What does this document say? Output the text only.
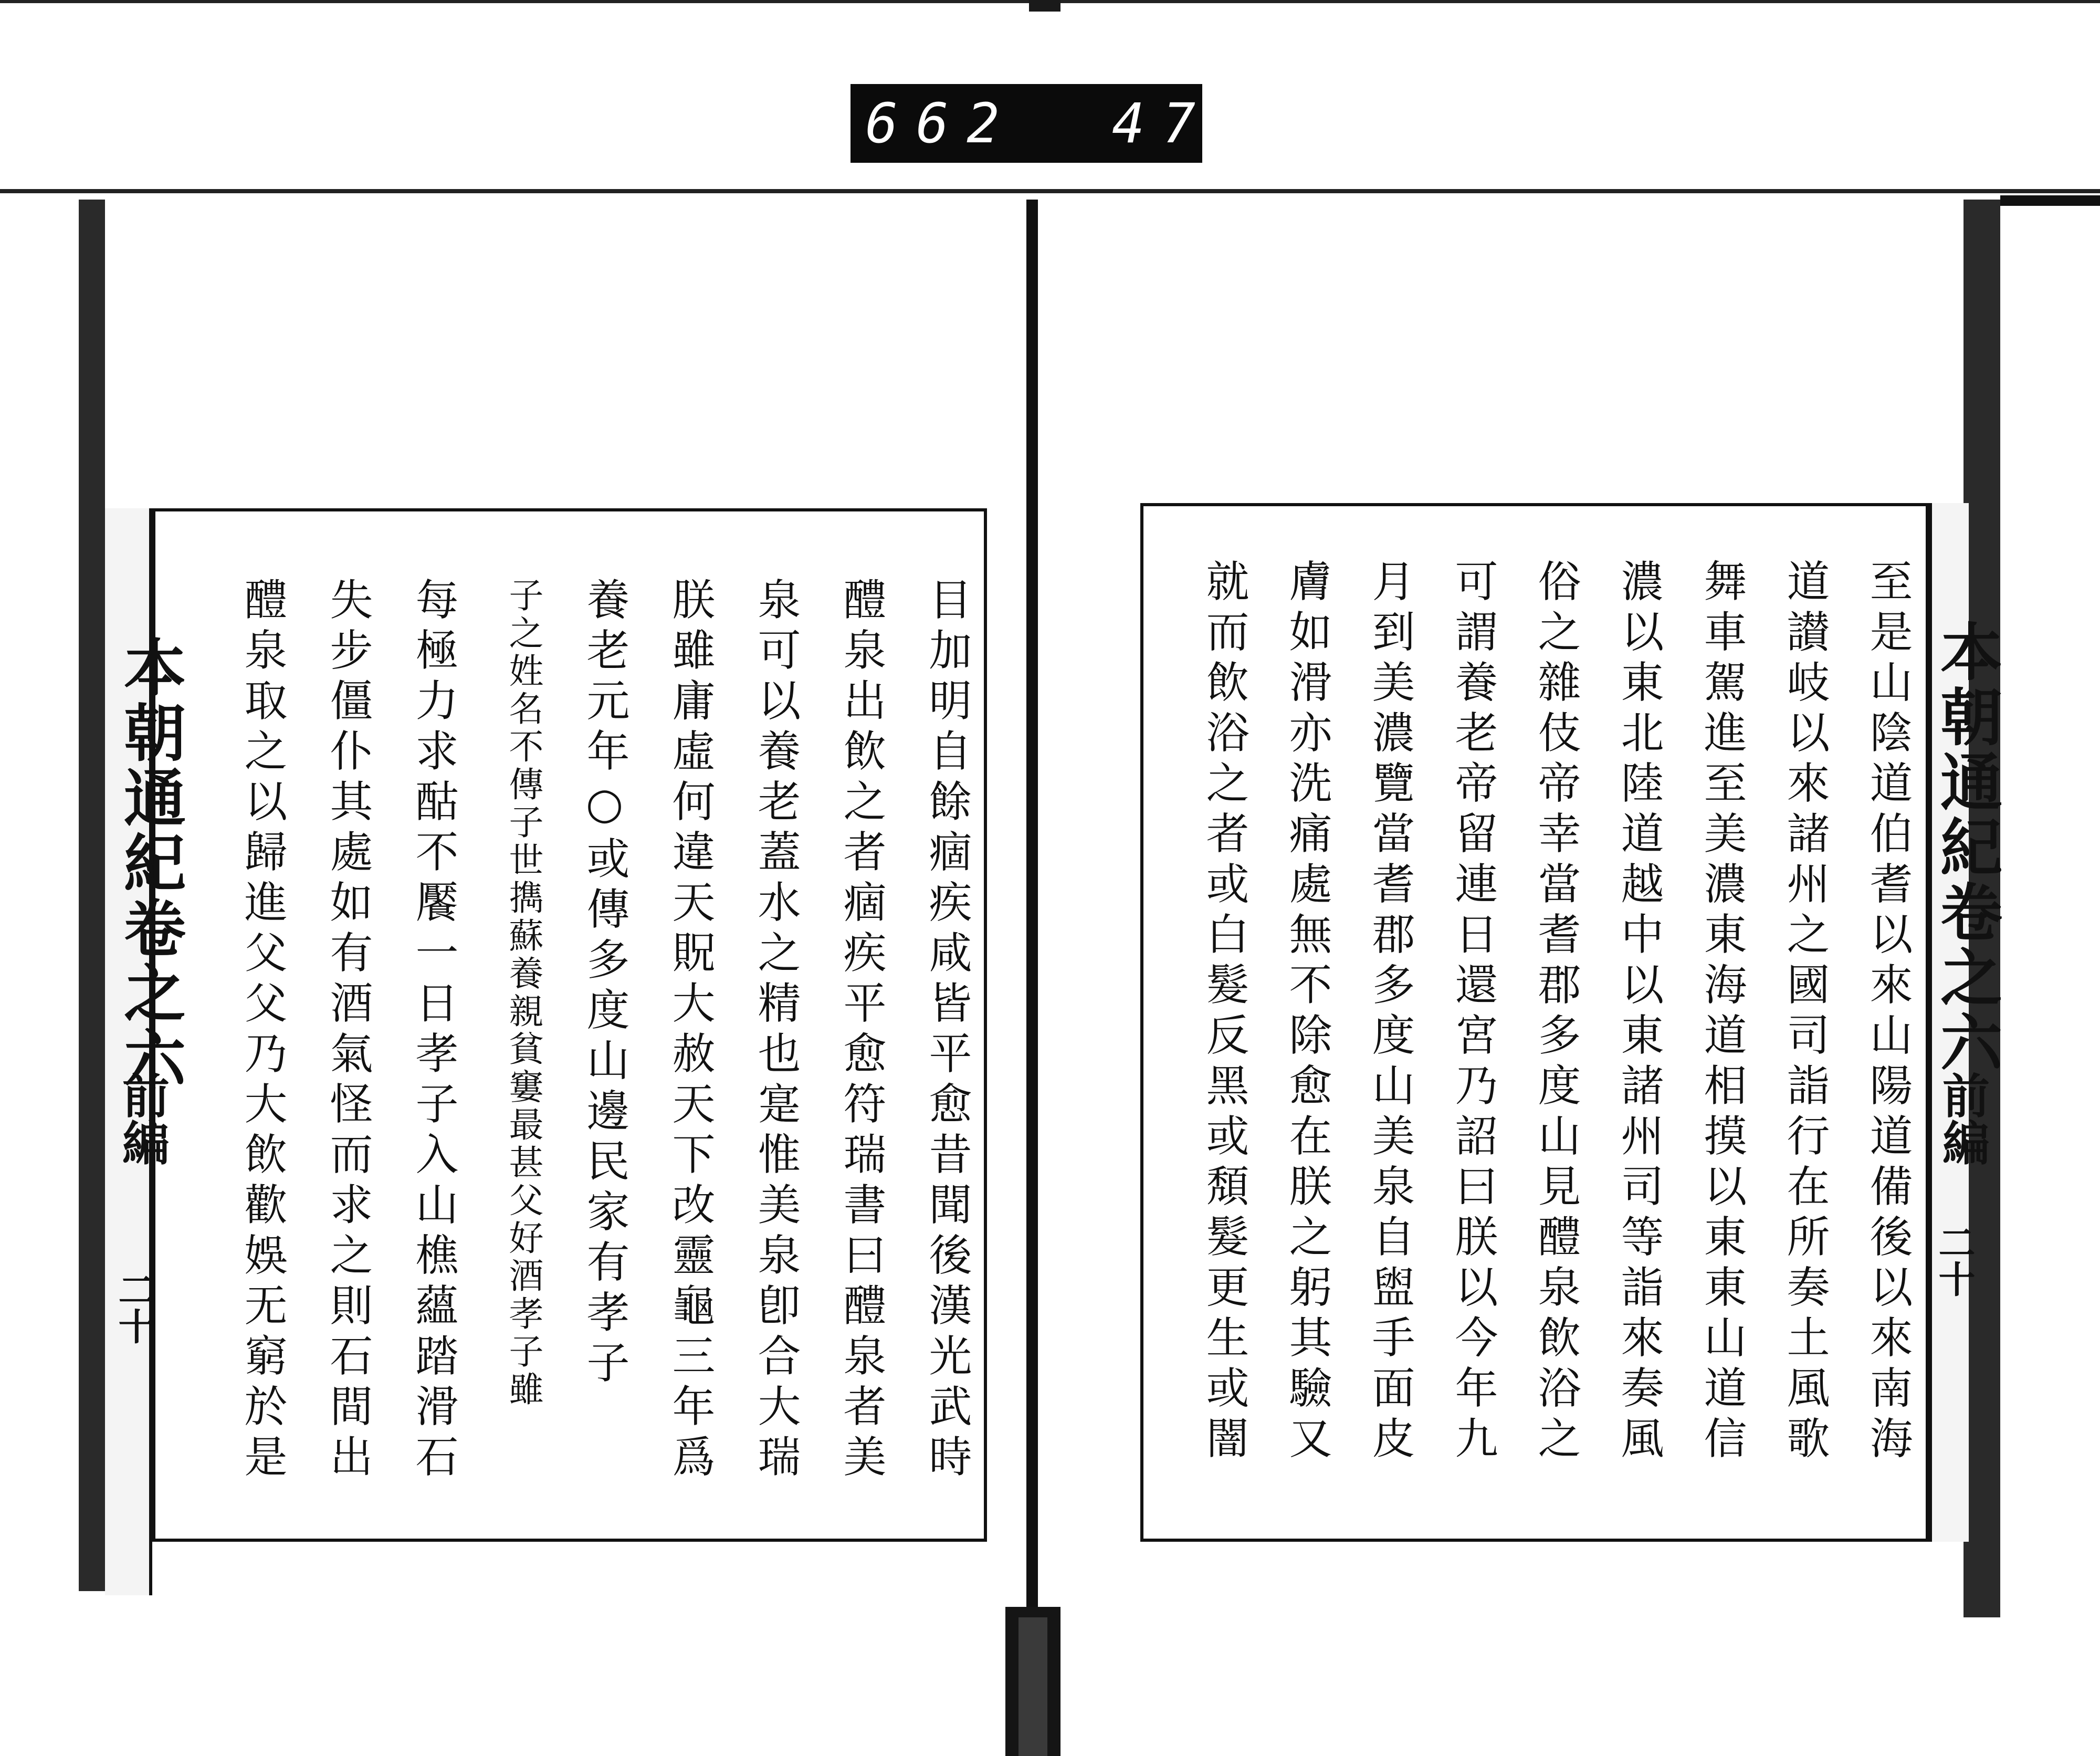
662 476
目加明自餘痼疾咸皆平愈昔聞後漢光武時
醴泉出飲之者痼疾平愈符瑞書曰醴泉者美
泉可以養老蓋水之精也寔惟美泉卽合大瑞
朕雖庸虛何違天貺大赦天下改靈龜三年爲
養老元年○或傳多度山邊民家有孝子
子之姓名不傳子世擕蘇養親貧窶最甚父好酒孝子雖
每極力求酤不饜一日孝子入山樵蘊踏滑石
失步僵仆其處如有酒氣怪而求之則石間出
醴泉取之以歸進父父乃大飲歡娛无窮於是
本朝通紀卷之六
前編
二十	至是山陰道伯耆以來山陽道備後以來南海
道讃岐以來諸州之國司詣行在所奏土風歌
舞車駕進至美濃東海道相摸以東東山道信
濃以東北陸道越中以東諸州司等詣來奏風
俗之雜伎帝幸當耆郡多度山見醴泉飲浴之
可謂養老帝留連日還宮乃詔曰朕以今年九
月到美濃覽當耆郡多度山美泉自盥手面皮
膚如滑亦洗痛處無不除愈在朕之躬其驗又
就而飲浴之者或白髮反黑或頽髮更生或闇	本朝通紀卷之六
前編
二十
